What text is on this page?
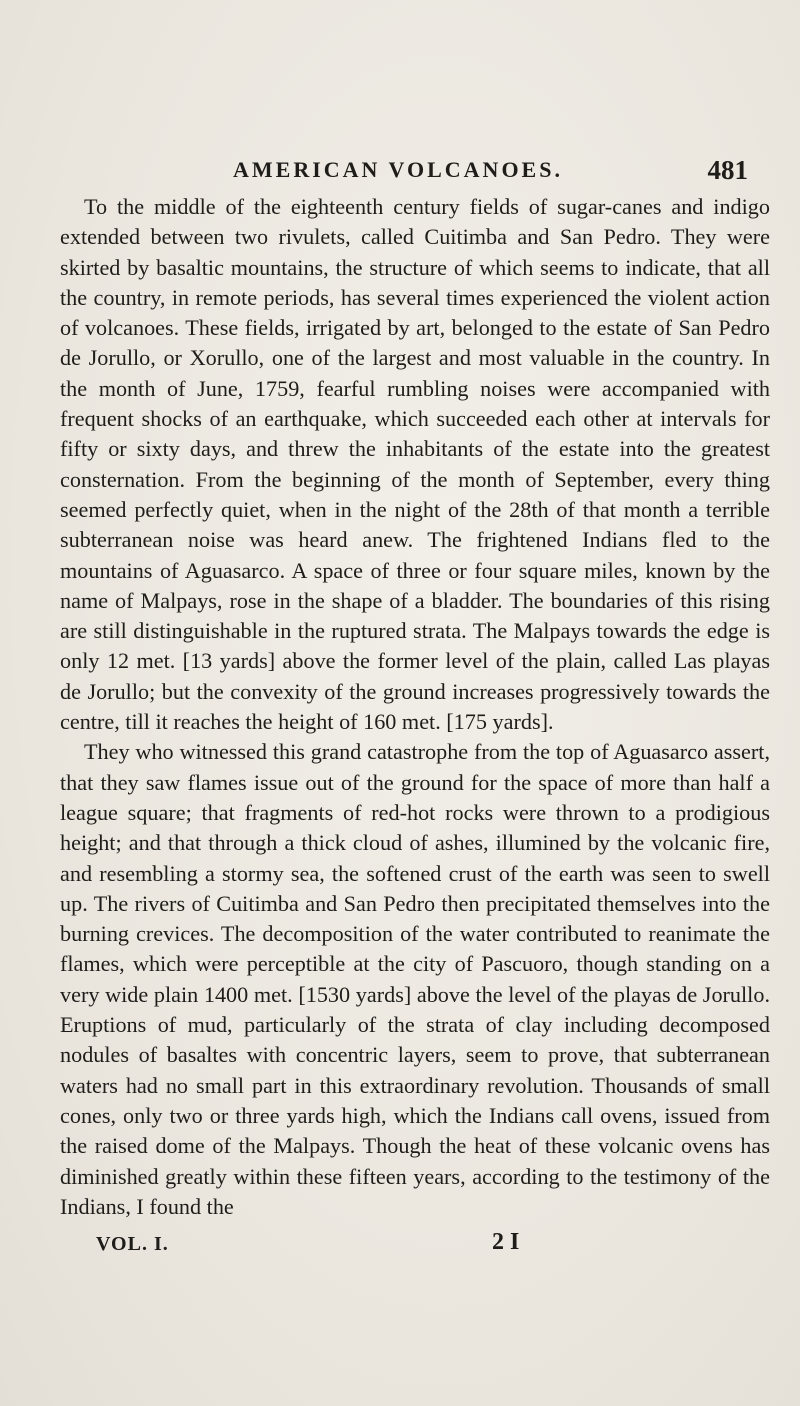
AMERICAN VOLCANOES.	481

To the middle of the eighteenth century fields of sugar-canes and indigo extended between two rivulets, called Cuitimba and San Pedro. They were skirted by basaltic mountains, the structure of which seems to indicate, that all the country, in remote periods, has several times experienced the violent action of volcanoes. These fields, irrigated by art, belonged to the estate of San Pedro de Jorullo, or Xorullo, one of the largest and most valuable in the country. In the month of June, 1759, fearful rumbling noises were accompanied with frequent shocks of an earthquake, which succeeded each other at intervals for fifty or sixty days, and threw the inhabitants of the estate into the greatest consternation. From the beginning of the month of September, every thing seemed perfectly quiet, when in the night of the 28th of that month a terrible subterranean noise was heard anew. The frightened Indians fled to the mountains of Aguasarco. A space of three or four square miles, known by the name of Malpays, rose in the shape of a bladder. The boundaries of this rising are still distinguishable in the ruptured strata. The Malpays towards the edge is only 12 met. [13 yards] above the former level of the plain, called Las playas de Jorullo; but the convexity of the ground increases progressively towards the centre, till it reaches the height of 160 met. [175 yards].

They who witnessed this grand catastrophe from the top of Aguasarco assert, that they saw flames issue out of the ground for the space of more than half a league square; that fragments of red-hot rocks were thrown to a prodigious height; and that through a thick cloud of ashes, illumined by the volcanic fire, and resembling a stormy sea, the softened crust of the earth was seen to swell up. The rivers of Cuitimba and San Pedro then precipitated themselves into the burning crevices. The decomposition of the water contributed to reanimate the flames, which were perceptible at the city of Pascuoro, though standing on a very wide plain 1400 met. [1530 yards] above the level of the playas de Jorullo. Eruptions of mud, particularly of the strata of clay including decomposed nodules of basaltes with concentric layers, seem to prove, that subterranean waters had no small part in this extraordinary revolution. Thousands of small cones, only two or three yards high, which the Indians call ovens, issued from the raised dome of the Malpays. Though the heat of these volcanic ovens has diminished greatly within these fifteen years, according to the testimony of the Indians, I found the

VOL. I.	2 I
